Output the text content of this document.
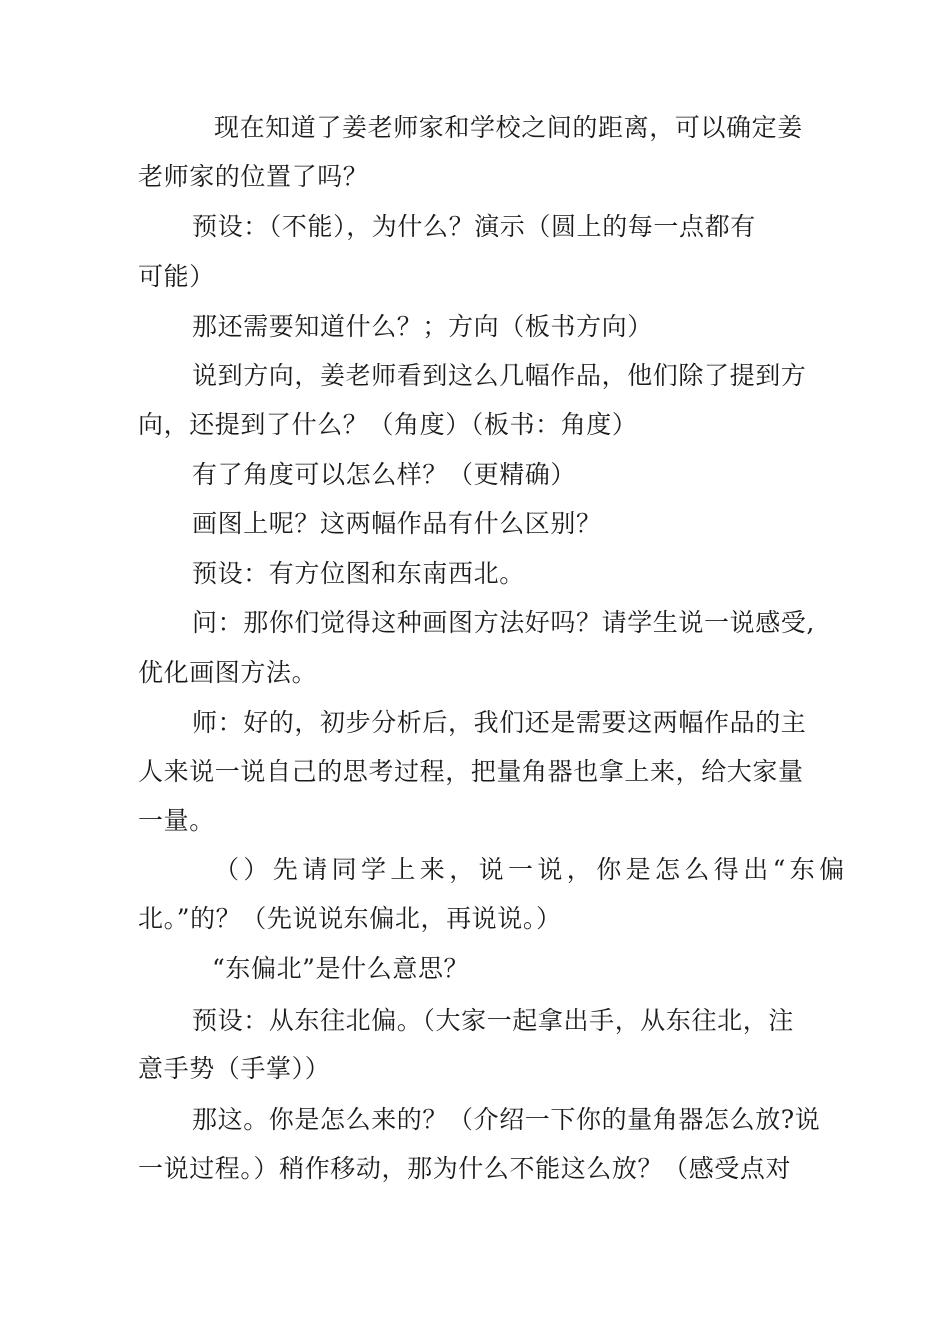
现在知道了姜老师家和学校之间的距离，可以确定姜
老师家的位置了吗？
预设：（不能），为什么？演示（圆上的每一点都有
可能）
那还需要知道什么？；方向（板书方向）
说到方向，姜老师看到这么几幅作品，他们除了提到方
向，还提到了什么？（角度）（板书：角度）
有了角度可以怎么样？（更精确）
画图上呢？这两幅作品有什么区别？
预设：有方位图和东南西北。
问：那你们觉得这种画图方法好吗？请学生说一说感受,
优化画图方法。
师：好的，初步分析后，我们还是需要这两幅作品的主
人来说一说自己的思考过程，把量角器也拿上来，给大家量
一量。
（）先请同学上来，说一说，你是怎么得出“东偏
北。”的？（先说说东偏北，再说说。）
“东偏北”是什么意思？
预设：从东往北偏。（大家一起拿出手，从东往北，注
意手势（手掌））
那这。你是怎么来的？（介绍一下你的量角器怎么放?说
一说过程。）稍作移动，那为什么不能这么放？（感受点对
